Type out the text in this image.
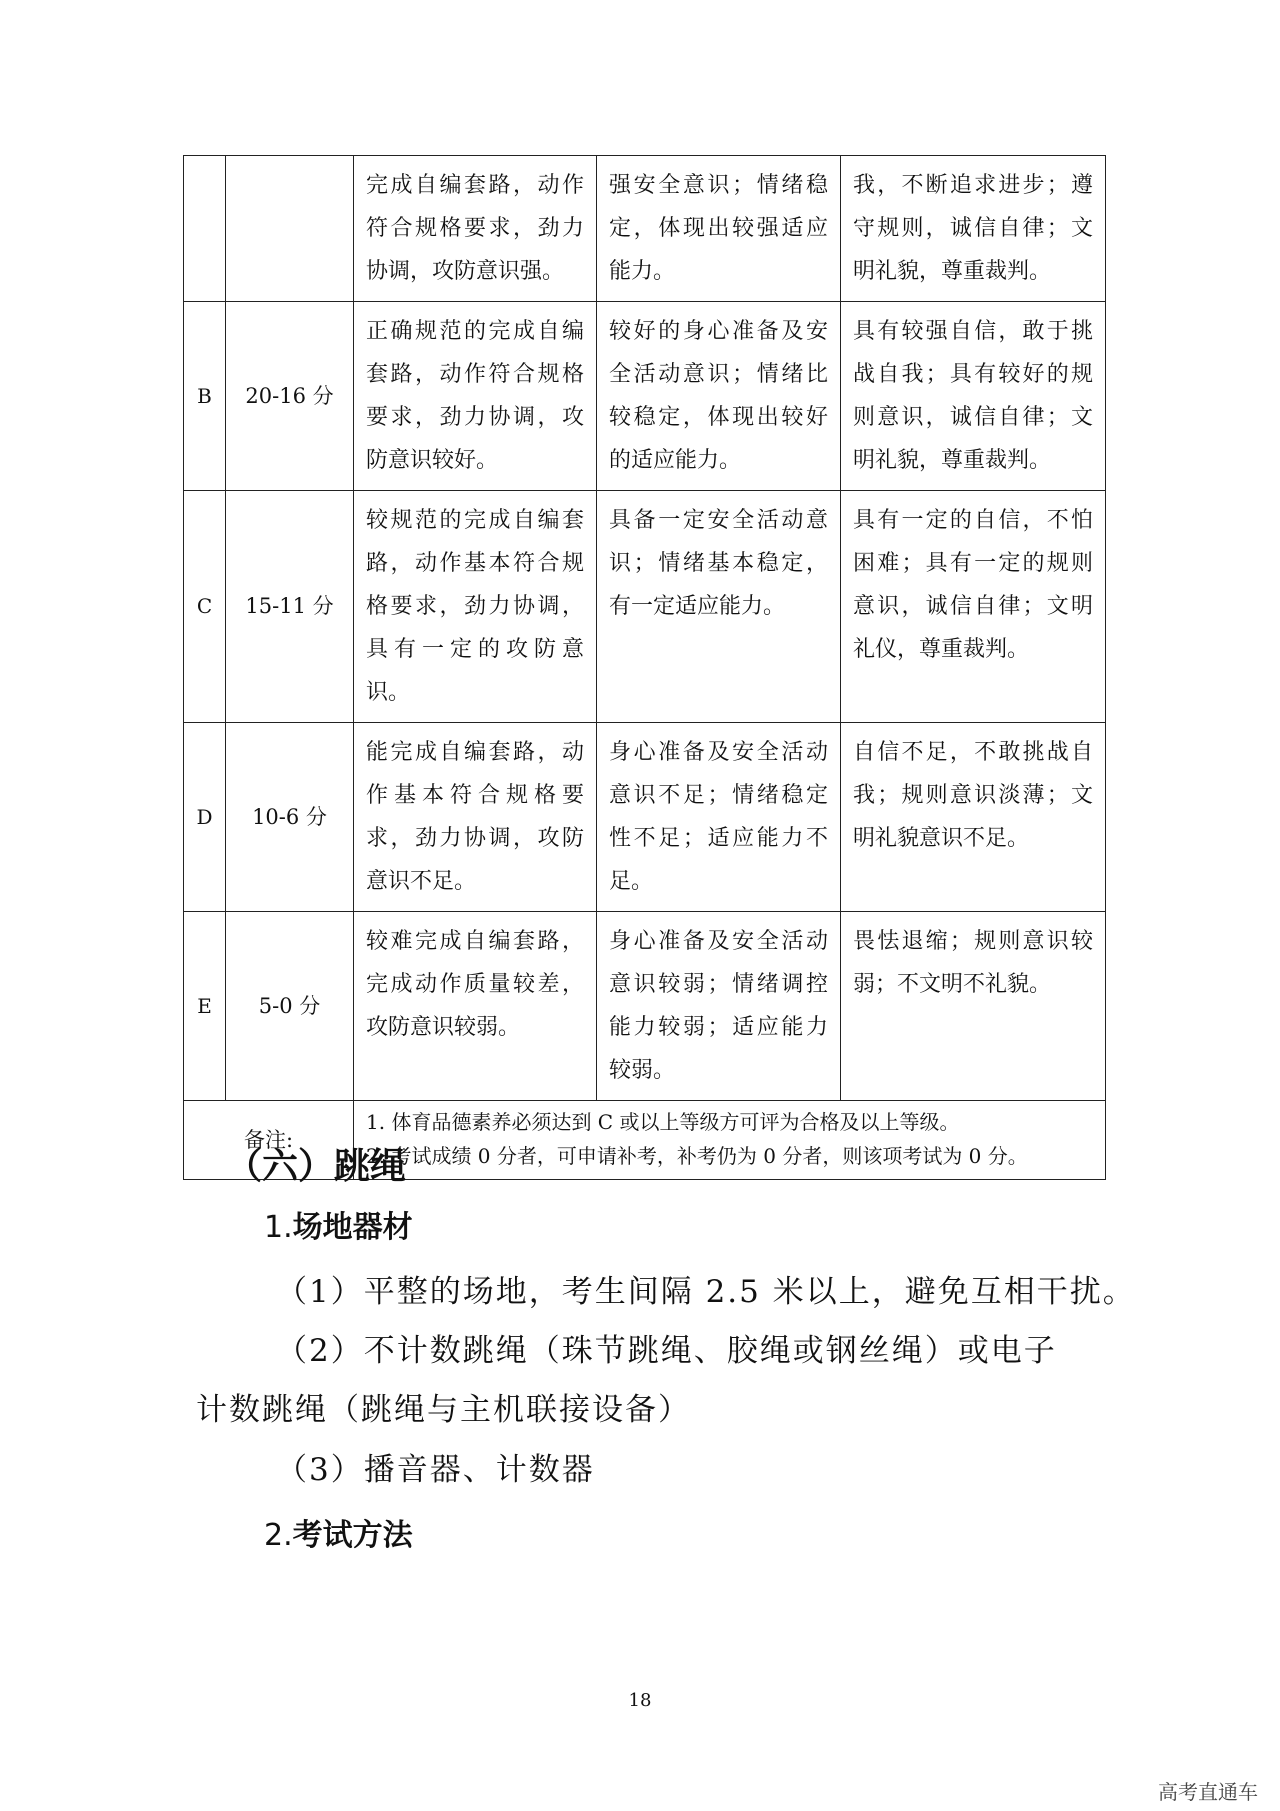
		完成自编套路，动作符合规格要求，劲力协调，攻防意识强。	强安全意识；情绪稳定，体现出较强适应能力。	我，不断追求进步；遵守规则，诚信自律；文明礼貌，尊重裁判。
B	20-16 分	正确规范的完成自编套路，动作符合规格要求，劲力协调，攻防意识较好。	较好的身心准备及安全活动意识；情绪比较稳定，体现出较好的适应能力。	具有较强自信，敢于挑战自我；具有较好的规则意识，诚信自律；文明礼貌，尊重裁判。
C	15-11 分	较规范的完成自编套路，动作基本符合规格要求，劲力协调，具有一定的攻防意识。	具备一定安全活动意识；情绪基本稳定，有一定适应能力。	具有一定的自信，不怕困难；具有一定的规则意识，诚信自律；文明礼仪，尊重裁判。
D	10-6 分	能完成自编套路，动作基本符合规格要求，劲力协调，攻防意识不足。	身心准备及安全活动意识不足；情绪稳定性不足；适应能力不足。	自信不足，不敢挑战自我；规则意识淡薄；文明礼貌意识不足。
E	5-0 分	较难完成自编套路，完成动作质量较差，攻防意识较弱。	身心准备及安全活动意识较弱；情绪调控能力较弱；适应能力较弱。	畏怯退缩；规则意识较弱；不文明不礼貌。
备注:		1. 体育品德素养必须达到 C 或以上等级方可评为合格及以上等级。
2. 考试成绩 0 分者，可申请补考，补考仍为 0 分者，则该项考试为 0 分。		
（六）跳绳
1.场地器材
（1）平整的场地，考生间隔 2.5 米以上，避免互相干扰。
（2）不计数跳绳（珠节跳绳、胶绳或钢丝绳）或电子
计数跳绳（跳绳与主机联接设备）
（3）播音器、计数器
2.考试方法
18
高考直通车
